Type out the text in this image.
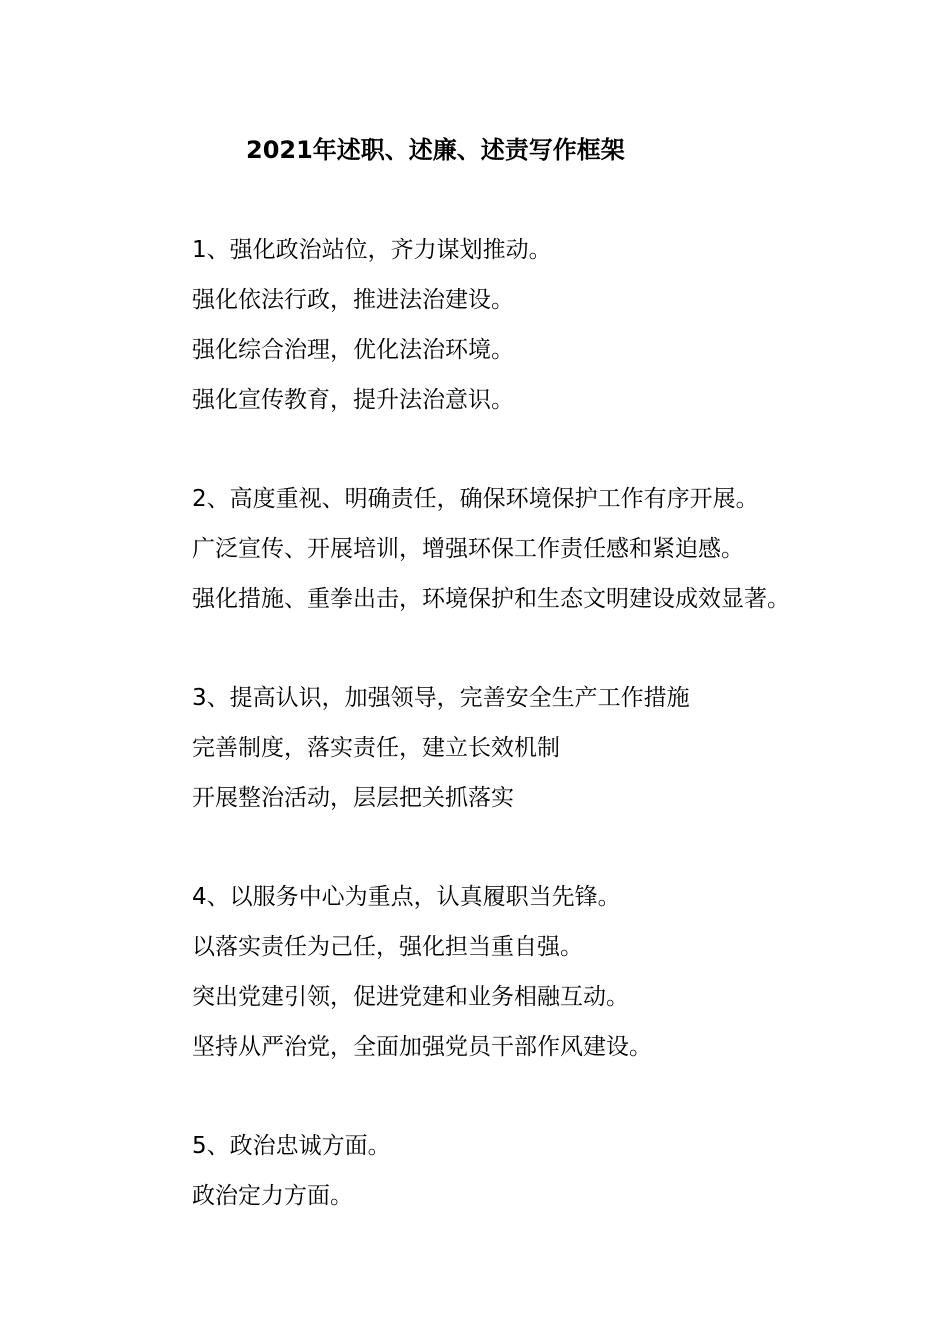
2021年述职、述廉、述责写作框架
1、强化政治站位，齐力谋划推动。
强化依法行政，推进法治建设。
强化综合治理，优化法治环境。
强化宣传教育，提升法治意识。
2、高度重视、明确责任，确保环境保护工作有序开展。
广泛宣传、开展培训，增强环保工作责任感和紧迫感。
强化措施、重拳出击，环境保护和生态文明建设成效显著。
3、提高认识，加强领导，完善安全生产工作措施
完善制度，落实责任，建立长效机制
开展整治活动，层层把关抓落实
4、以服务中心为重点，认真履职当先锋。
以落实责任为己任，强化担当重自强。
突出党建引领，促进党建和业务相融互动。
坚持从严治党，全面加强党员干部作风建设。
5、政治忠诚方面。
政治定力方面。
